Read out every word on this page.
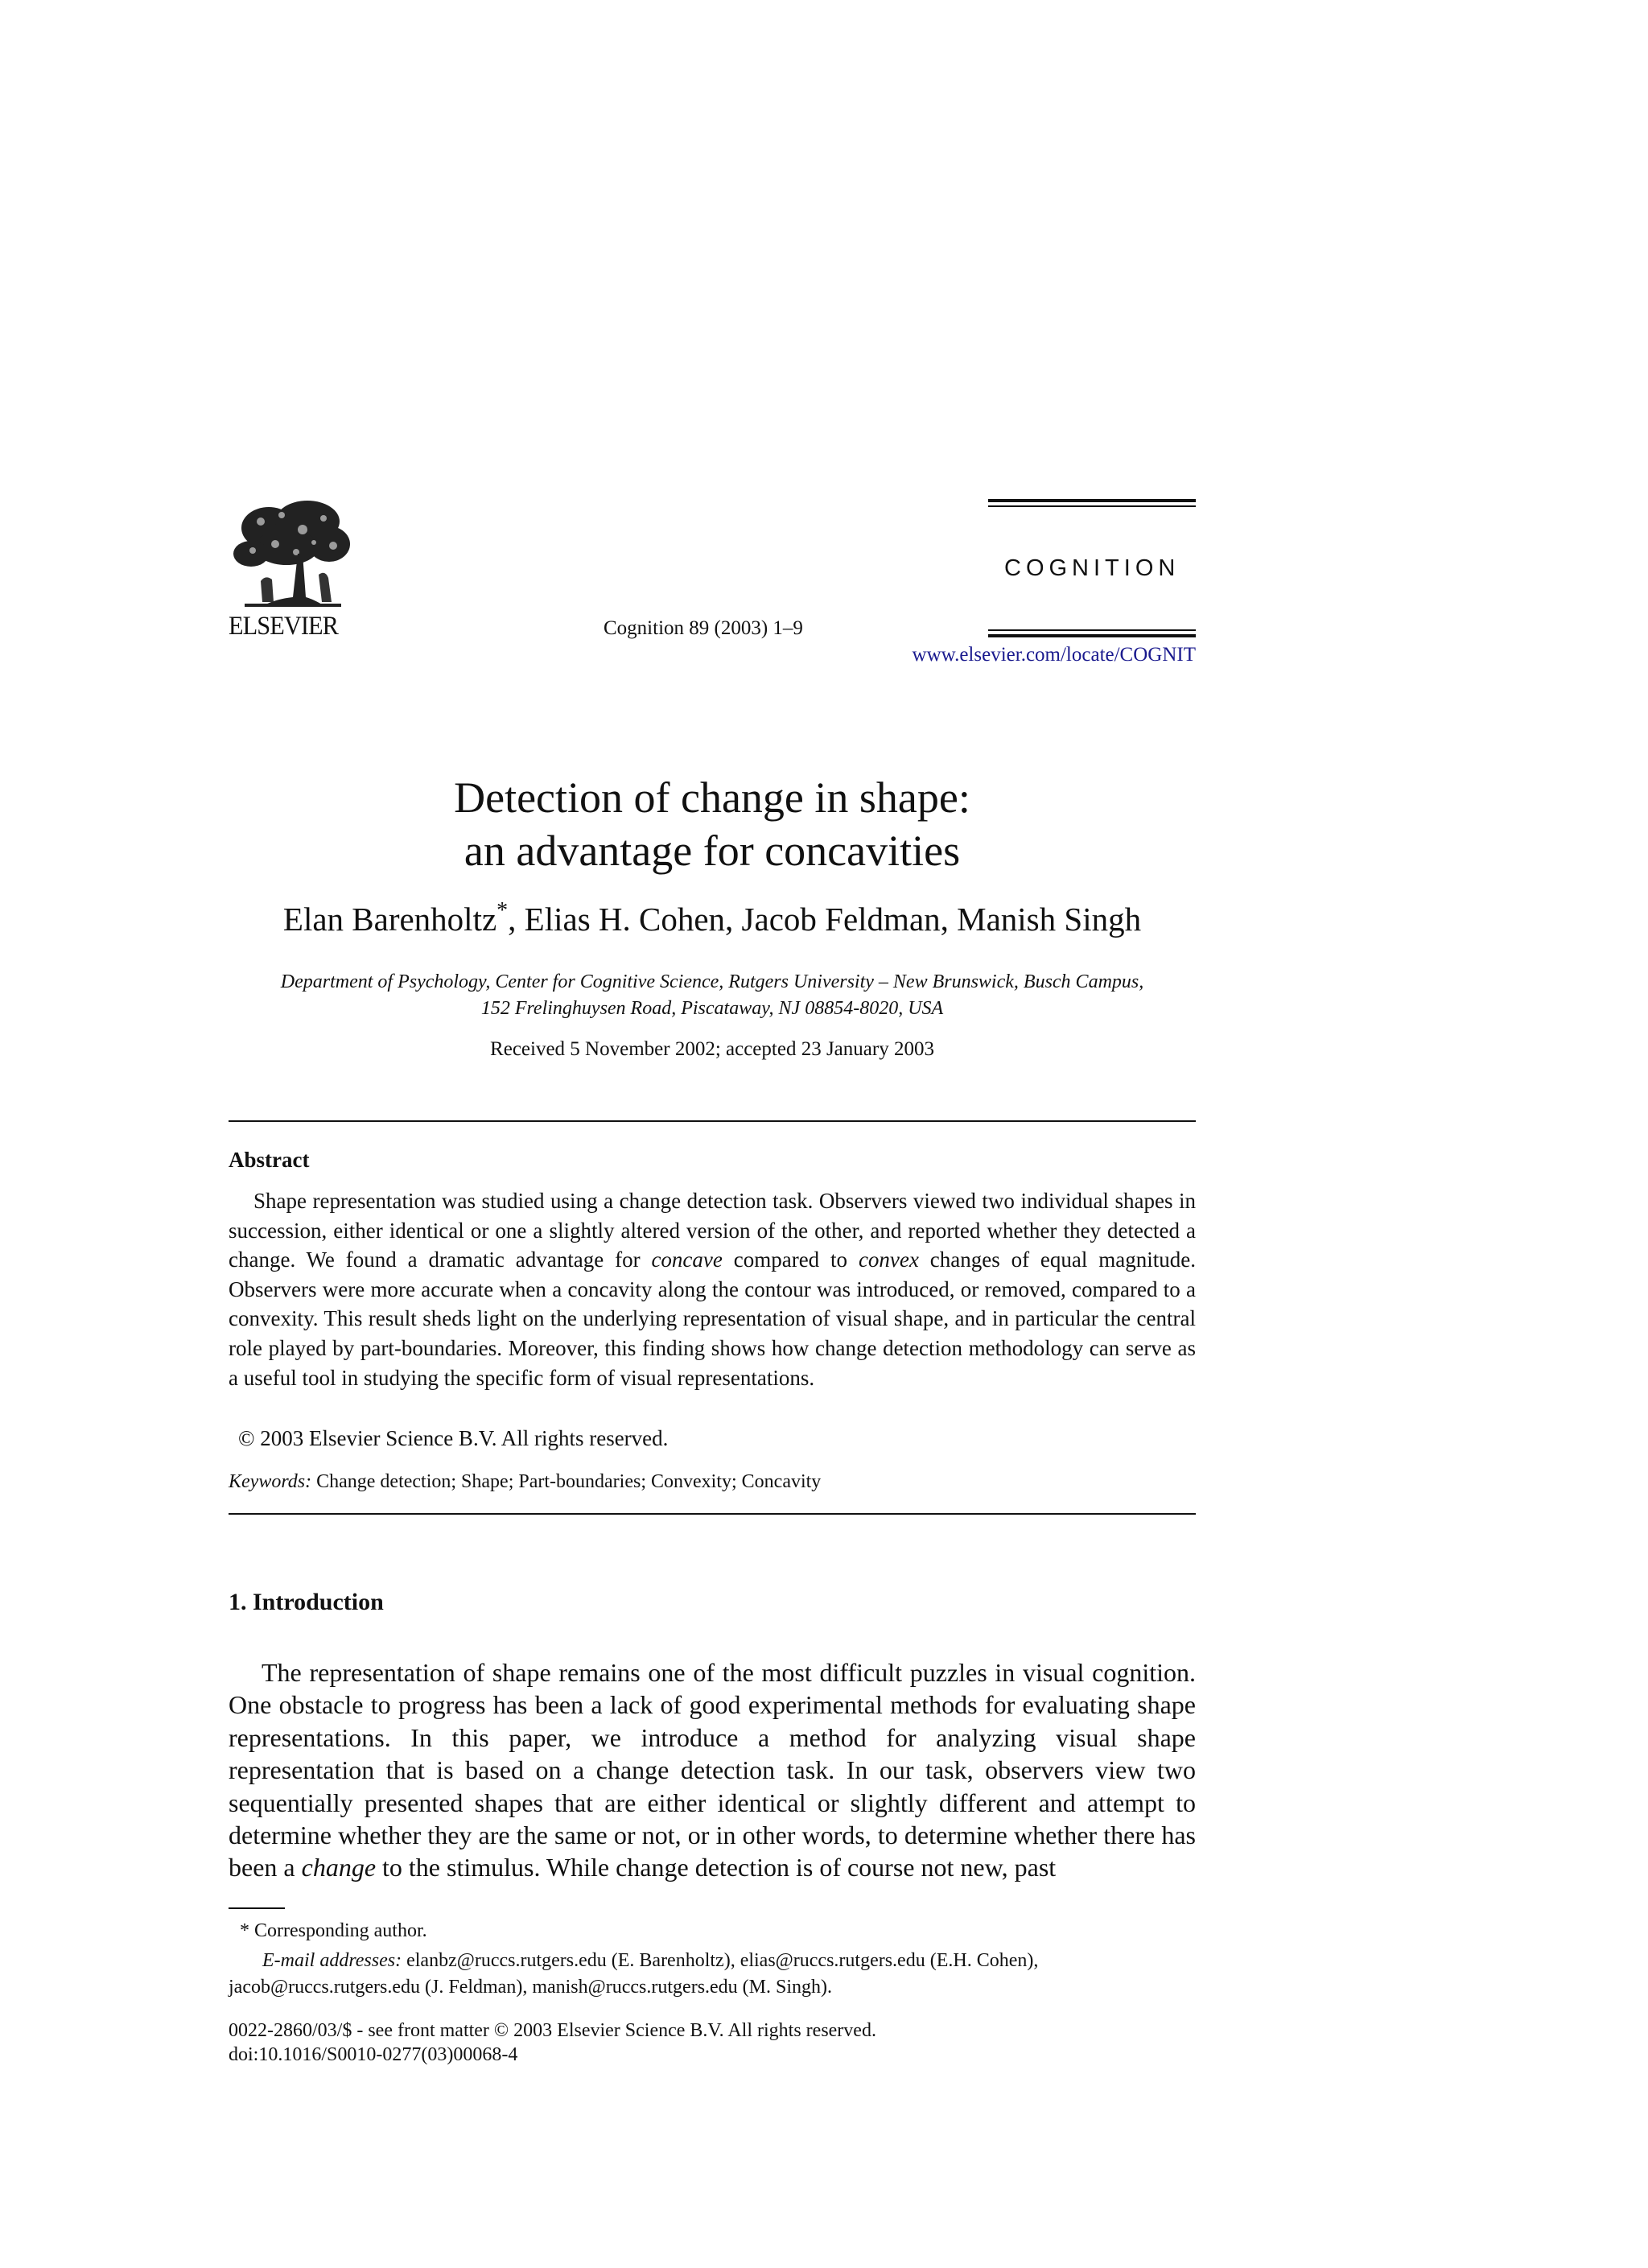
ELSEVIER	Cognition 89 (2003) 1–9
COGNITION
www.elsevier.com/locate/COGNIT
Detection of change in shape:
an advantage for concavities
Elan Barenholtz*, Elias H. Cohen, Jacob Feldman, Manish Singh
Department of Psychology, Center for Cognitive Science, Rutgers University – New Brunswick, Busch Campus,
152 Frelinghuysen Road, Piscataway, NJ 08854-8020, USA
Received 5 November 2002; accepted 23 January 2003
Abstract
Shape representation was studied using a change detection task. Observers viewed two individual shapes in succession, either identical or one a slightly altered version of the other, and reported whether they detected a change. We found a dramatic advantage for concave compared to convex changes of equal magnitude. Observers were more accurate when a concavity along the contour was introduced, or removed, compared to a convexity. This result sheds light on the underlying representation of visual shape, and in particular the central role played by part-boundaries. Moreover, this finding shows how change detection methodology can serve as a useful tool in studying the specific form of visual representations.
© 2003 Elsevier Science B.V. All rights reserved.
Keywords: Change detection; Shape; Part-boundaries; Convexity; Concavity
1. Introduction
The representation of shape remains one of the most difficult puzzles in visual cognition. One obstacle to progress has been a lack of good experimental methods for evaluating shape representations. In this paper, we introduce a method for analyzing visual shape representation that is based on a change detection task. In our task, observers view two sequentially presented shapes that are either identical or slightly different and attempt to determine whether they are the same or not, or in other words, to determine whether there has been a change to the stimulus. While change detection is of course not new, past
* Corresponding author.
E-mail addresses: elanbz@ruccs.rutgers.edu (E. Barenholtz), elias@ruccs.rutgers.edu (E.H. Cohen), jacob@ruccs.rutgers.edu (J. Feldman), manish@ruccs.rutgers.edu (M. Singh).
0022-2860/03/$ - see front matter © 2003 Elsevier Science B.V. All rights reserved.
doi:10.1016/S0010-0277(03)00068-4
